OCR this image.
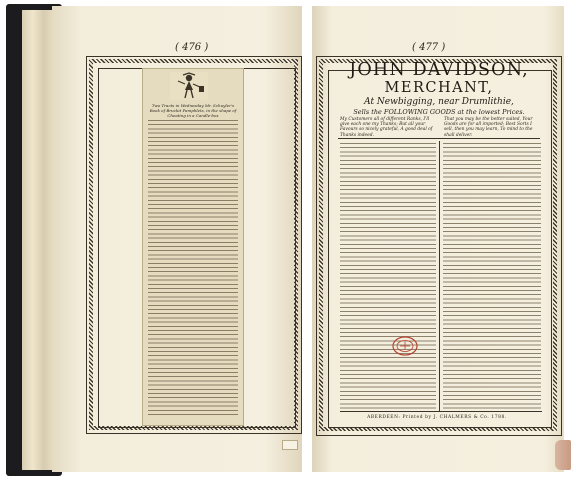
( 476 )
Two Tracts in Wednesday Mr. Schuyler's Book of Bruckit Pamphlets, in the shape of Cheating in a Candle-box
( 477 )
JOHN DAVIDSON,
MERCHANT,
At Newbigging, near Drumlithie,
Sells the FOLLOWING GOODS at the lowest Prices.
My Customers all of different Ranks, I'll give each one my Thanks; But all your Favours so nicely grateful, A good deal of Thanks indeed.
That you may be the better suited, Your Goods are for all imported; Best Sorts I sell, then you may learn, To mind to the shall deliver.
ABERDEEN: Printed by J. CHALMERS & Co. 1788.
